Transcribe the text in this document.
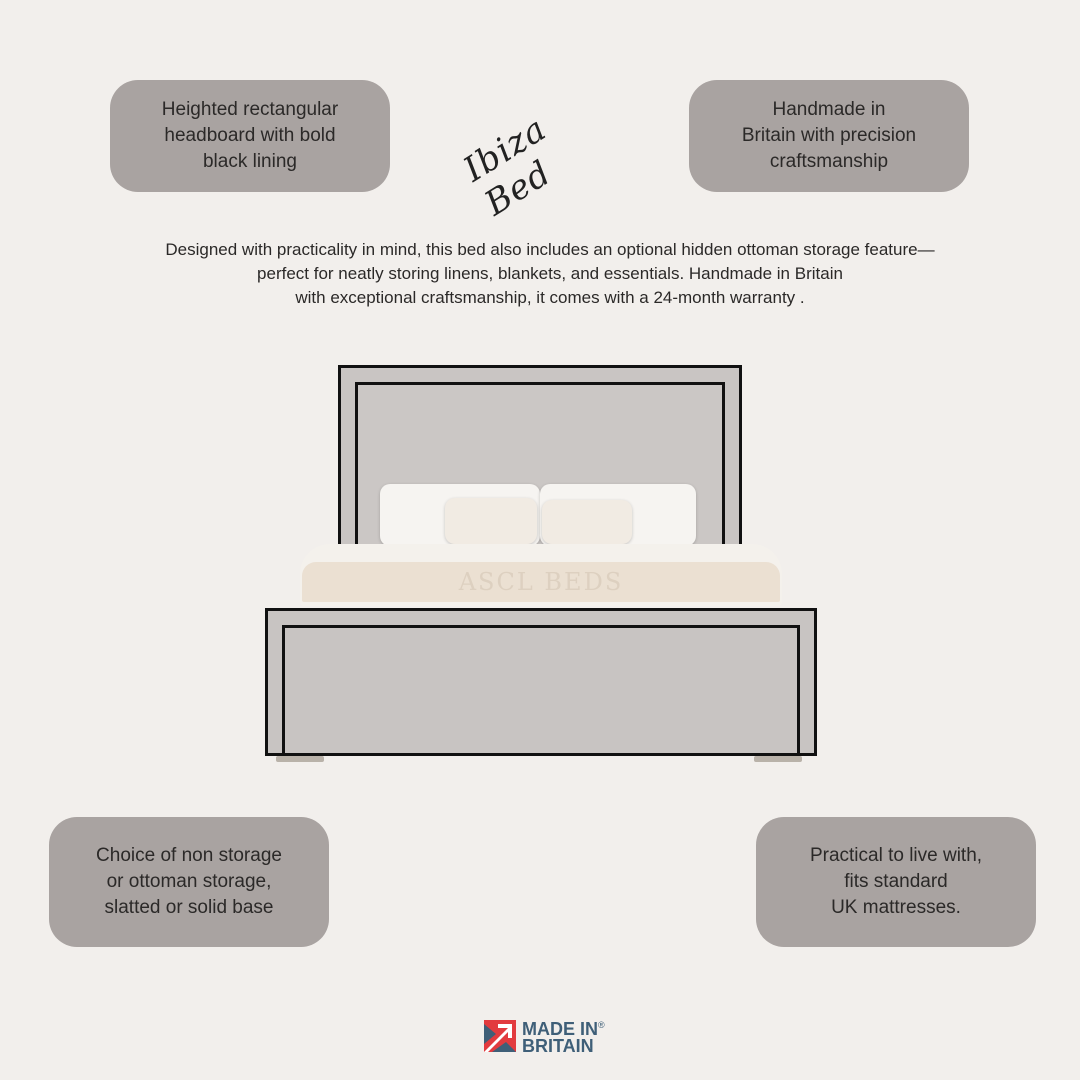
Heighted rectangular
headboard with bold
black lining
Handmade in
Britain with precision
craftsmanship
Choice of non storage
or ottoman storage,
slatted or solid base
Practical to live with,
fits standard
UK mattresses.
Ibiza Bed
Designed with practicality in mind, this bed also includes an optional hidden ottoman storage feature—
perfect for neatly storing linens, blankets, and essentials. Handmade in Britain
with exceptional craftsmanship, it comes with a 24-month warranty .
ASCL BEDS
MADE IN®
BRITAIN
